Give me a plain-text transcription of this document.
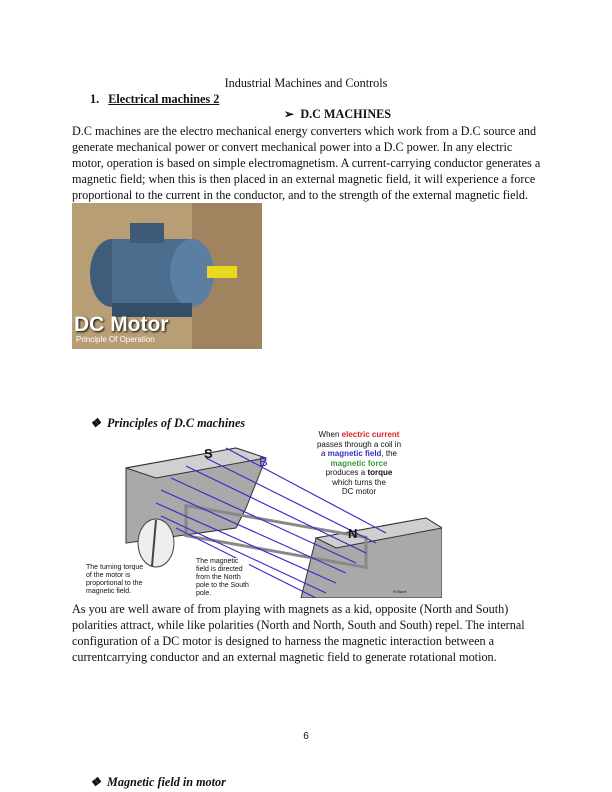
Industrial Machines and Controls
1. Electrical machines 2
➢ D.C MACHINES
D.C machines are the electro mechanical energy converters which work from a D.C source and
generate mechanical power or convert mechanical power into a D.C power. In any electric
motor, operation is based on simple electromagnetism. A current-carrying conductor generates a
magnetic field; when this is then placed in an external magnetic field, it will experience a force
proportional to the current in the conductor, and to the strength of the external magnetic field.
DC Motor
Principle Of Operation
❖ Principles of D.C machines
S
N
B
When electric current
passes through a coil in
a magnetic field, the
magnetic force
produces a torque
which turns the
DC motor
The turning torque
of the motor is
proportional to the
magnetic field.
The magnetic
field is directed
from the North
pole to the South
pole.	R Nave
As you are well aware of from playing with magnets as a kid, opposite (North and South)
polarities attract, while like polarities (North and North, South and South) repel. The internal
configuration of a DC motor is designed to harness the magnetic interaction between a
currentcarrying conductor and an external magnetic field to generate rotational motion.
6
❖ Magnetic field in motor
